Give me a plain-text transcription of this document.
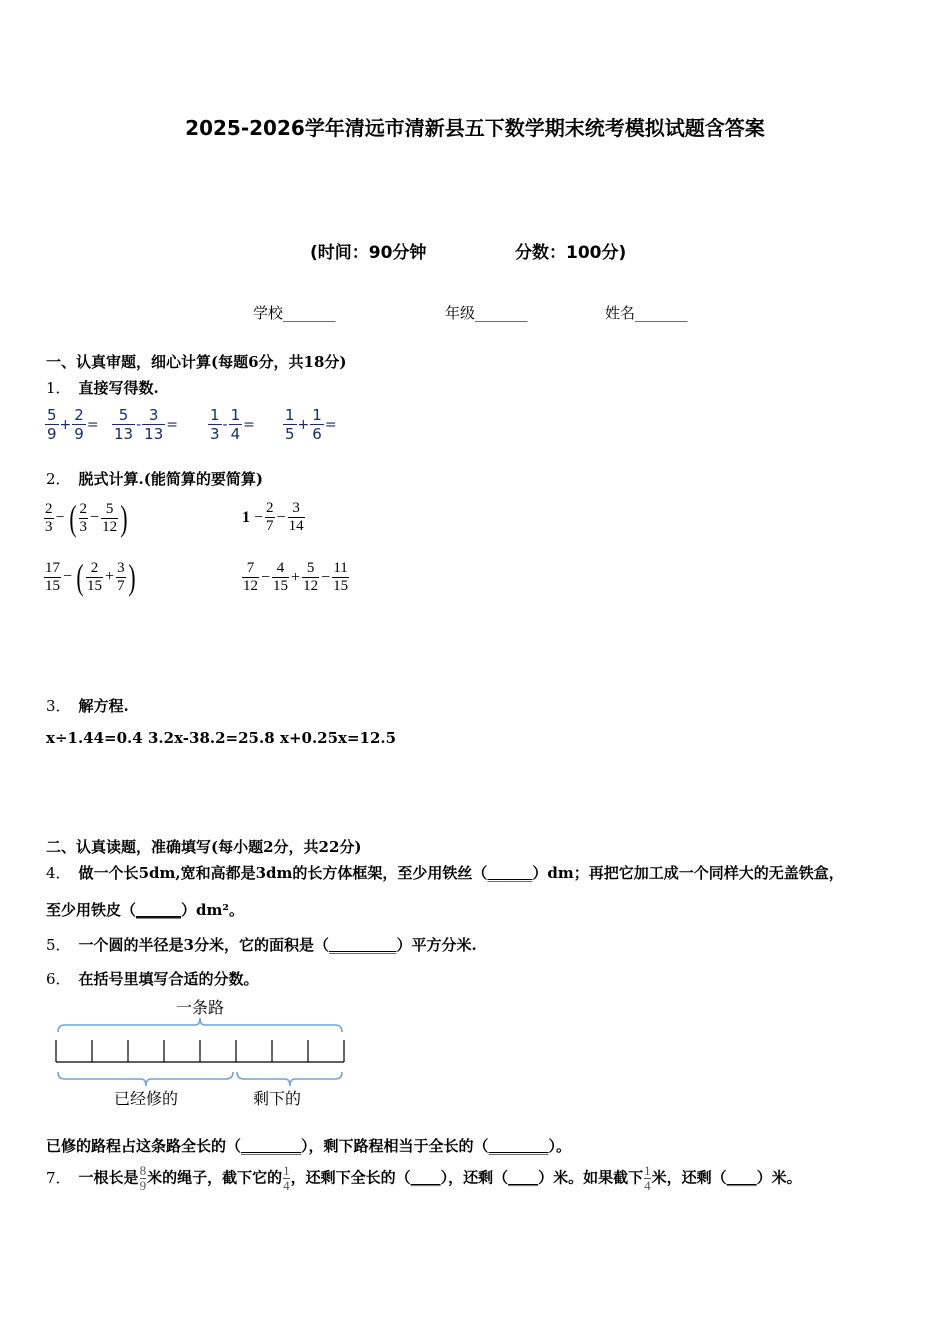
2025-2026学年清远市清新县五下数学期末统考模拟试题含答案
(时间：90分钟	分数：100分)
学校_______	年级_______	姓名_______
一、认真审题，细心计算(每题6分，共18分)
1． 直接写得数.
$\frac{5}{9} + \frac{2}{9} = \frac{5}{13} - \frac{3}{13} = \frac{1}{3} - \frac{1}{4} = \frac{1}{5} + \frac{1}{6}$ =
2． 脱式计算.(能简算的要简算)
$\frac{2}{3}$ − ( $\frac{2}{3} - \frac{5}{12}$ )	$1 - \frac{2}{7} - \frac{3}{14}$
$\frac{17}{15}$ − ( $\frac{2}{15} + \frac{3}{7}$ )	$\frac{7}{12} - \frac{4}{15} + \frac{5}{12} - \frac{11}{15}$
3． 解方程.
x÷1.44=0.4 3.2x-38.2=25.8 x+0.25x=12.5
二、认真读题，准确填写(每小题2分，共22分)
4． 做一个长5dm,宽和高都是3dm的长方体框架，至少用铁丝（______）dm；再把它加工成一个同样大的无盖铁盒，
至少用铁皮（______）dm²。
5． 一个圆的半径是3分米，它的面积是（_________）平方分米.
6． 在括号里填写合适的分数。
一条路
已经修的	剩下的
已修的路程占这条路全长的（________），剩下路程相当于全长的（________）。
7． 一根长是 $\frac{8}{9}$ 米的绳子，截下它的 $\frac{1}{4}$ ，还剩下全长的（____），还剩（____）米。如果截下 $\frac{1}{4}$ 米，还剩（____）米。
